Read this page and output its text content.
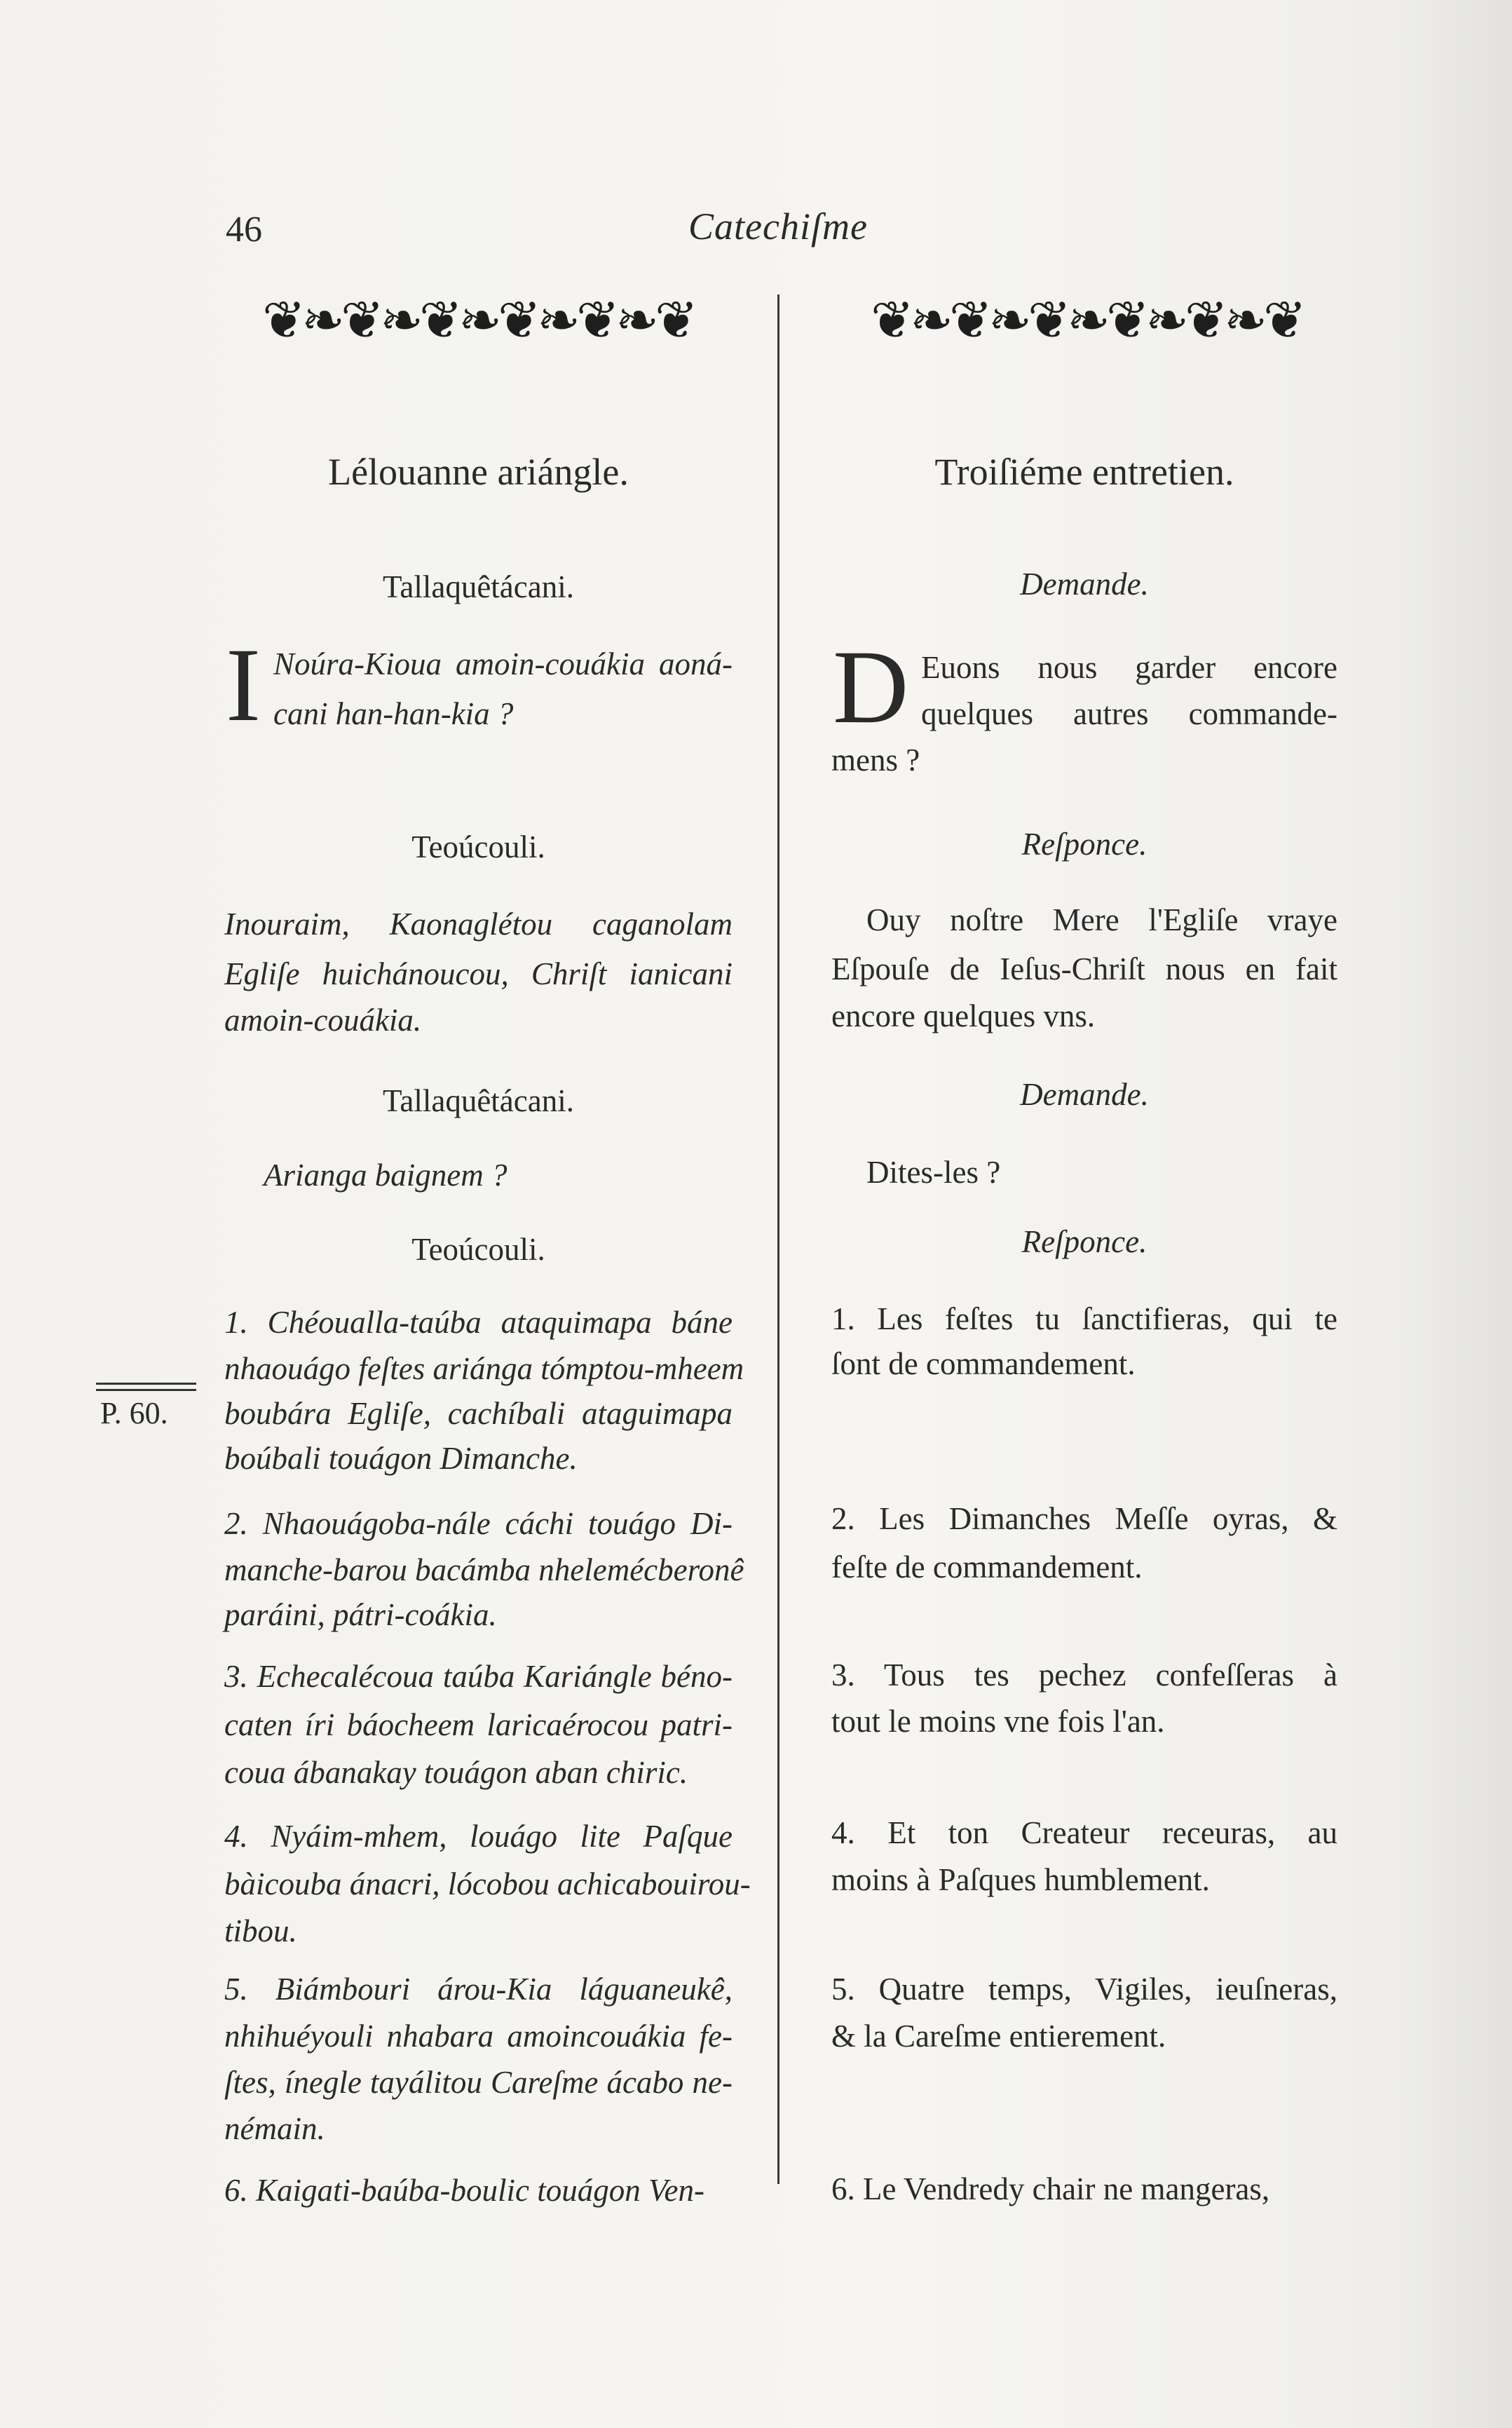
46	Catechiſme
❦❧❦❧❦❧❦❧❦❧❦	❦❧❦❧❦❧❦❧❦❧❦
Lélouanne ariángle.	Troiſiéme entretien.
P. 60.
Tallaquêtácani.
I Noúra-Kioua amoin-couákia aoná-
cani han-han-kia ?
Teoúcouli.
Inouraim, Kaonaglétou caganolam
Egliſe huichánoucou, Chriſt ianicani
amoin-couákia.
Tallaquêtácani.
Arianga baignem ?
Teoúcouli.
1. Chéoualla-taúba ataquimapa báne
nhaouágo feſtes ariánga tómptou-mheem
boubára Egliſe, cachíbali ataguimapa
boúbali touágon Dimanche.
2. Nhaouágoba-nále cáchi touágo Di-
manche-barou bacámba nhelemécberonê
paráini, pátri-coákia.
3. Echecalécoua taúba Kariángle béno-
caten íri báocheem laricaérocou patri-
coua ábanakay touágon aban chiric.
4. Nyáim-mhem, louágo lite Paſque
bàicouba ánacri, lócobou achicabouirou-
tibou.
5. Biámbouri árou-Kia láguaneukê,
nhihuéyouli nhabara amoincouákia fe-
ſtes, ínegle tayálitou Careſme ácabo ne-
némain.
6. Kaigati-baúba-boulic touágon Ven-
Demande.
D Euons nous garder encore
quelques autres commande-
mens ?
Reſponce.
Ouy noſtre Mere l'Egliſe vraye
Eſpouſe de Ieſus-Chriſt nous en fait
encore quelques vns.
Demande.
Dites-les ?
Reſponce.
1. Les feſtes tu ſanctifieras, qui te
ſont de commandement.
2. Les Dimanches Meſſe oyras, &
feſte de commandement.
3. Tous tes pechez confeſſeras à
tout le moins vne fois l'an.
4. Et ton Createur receuras, au
moins à Paſques humblement.
5. Quatre temps, Vigiles, ieuſneras,
& la Careſme entierement.
6. Le Vendredy chair ne mangeras,
